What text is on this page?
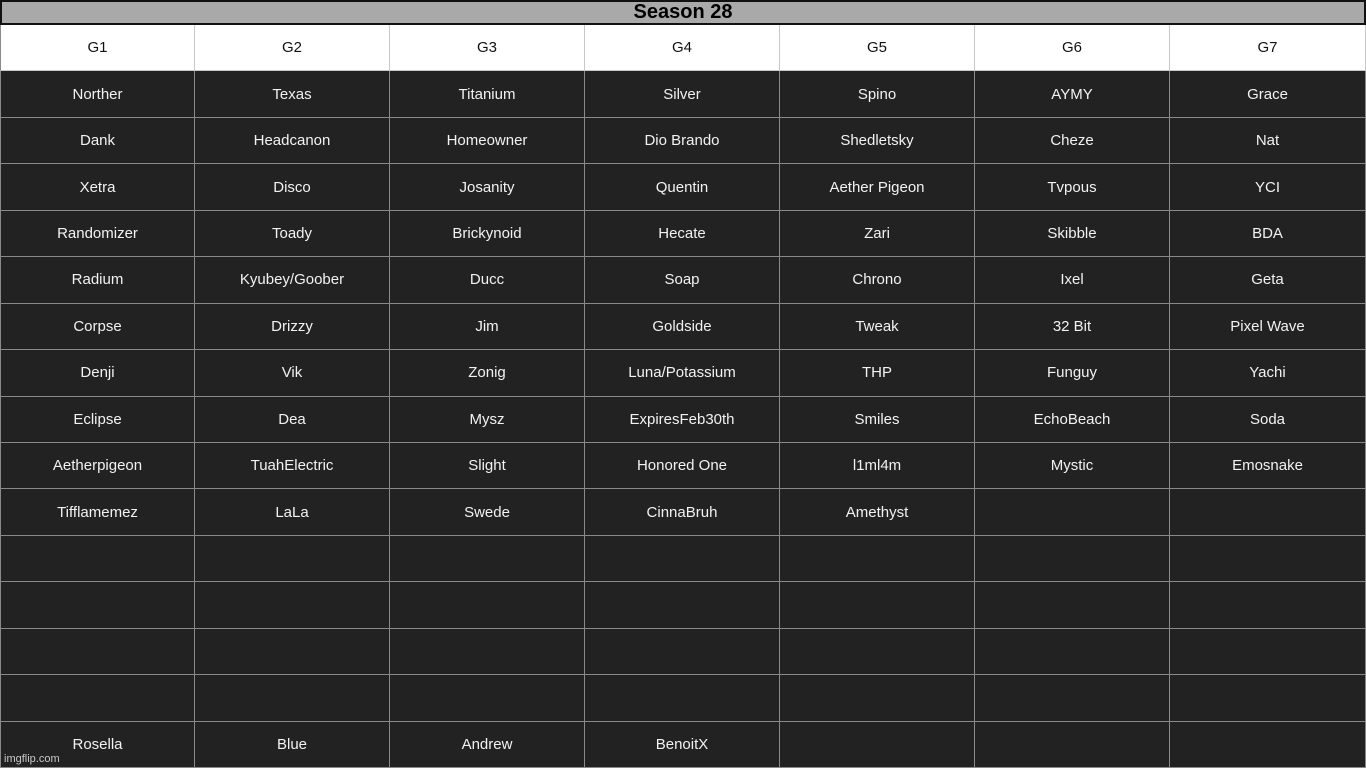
Season 28
G1	G2	G3	G4	G5	G6	G7
Norther	Texas	Titanium	Silver	Spino	AYMY	Grace
Dank	Headcanon	Homeowner	Dio Brando	Shedletsky	Cheze	Nat
Xetra	Disco	Josanity	Quentin	Aether Pigeon	Tvpous	YCI
Randomizer	Toady	Brickynoid	Hecate	Zari	Skibble	BDA
Radium	Kyubey/Goober	Ducc	Soap	Chrono	Ixel	Geta
Corpse	Drizzy	Jim	Goldside	Tweak	32 Bit	Pixel Wave
Denji	Vik	Zonig	Luna/Potassium	THP	Funguy	Yachi
Eclipse	Dea	Mysz	ExpiresFeb30th	Smiles	EchoBeach	Soda
Aetherpigeon	TuahElectric	Slight	Honored One	l1ml4m	Mystic	Emosnake
Tifflamemez	LaLa	Swede	CinnaBruh	Amethyst
Rosella	Blue	Andrew	BenoitX
imgflip.com
